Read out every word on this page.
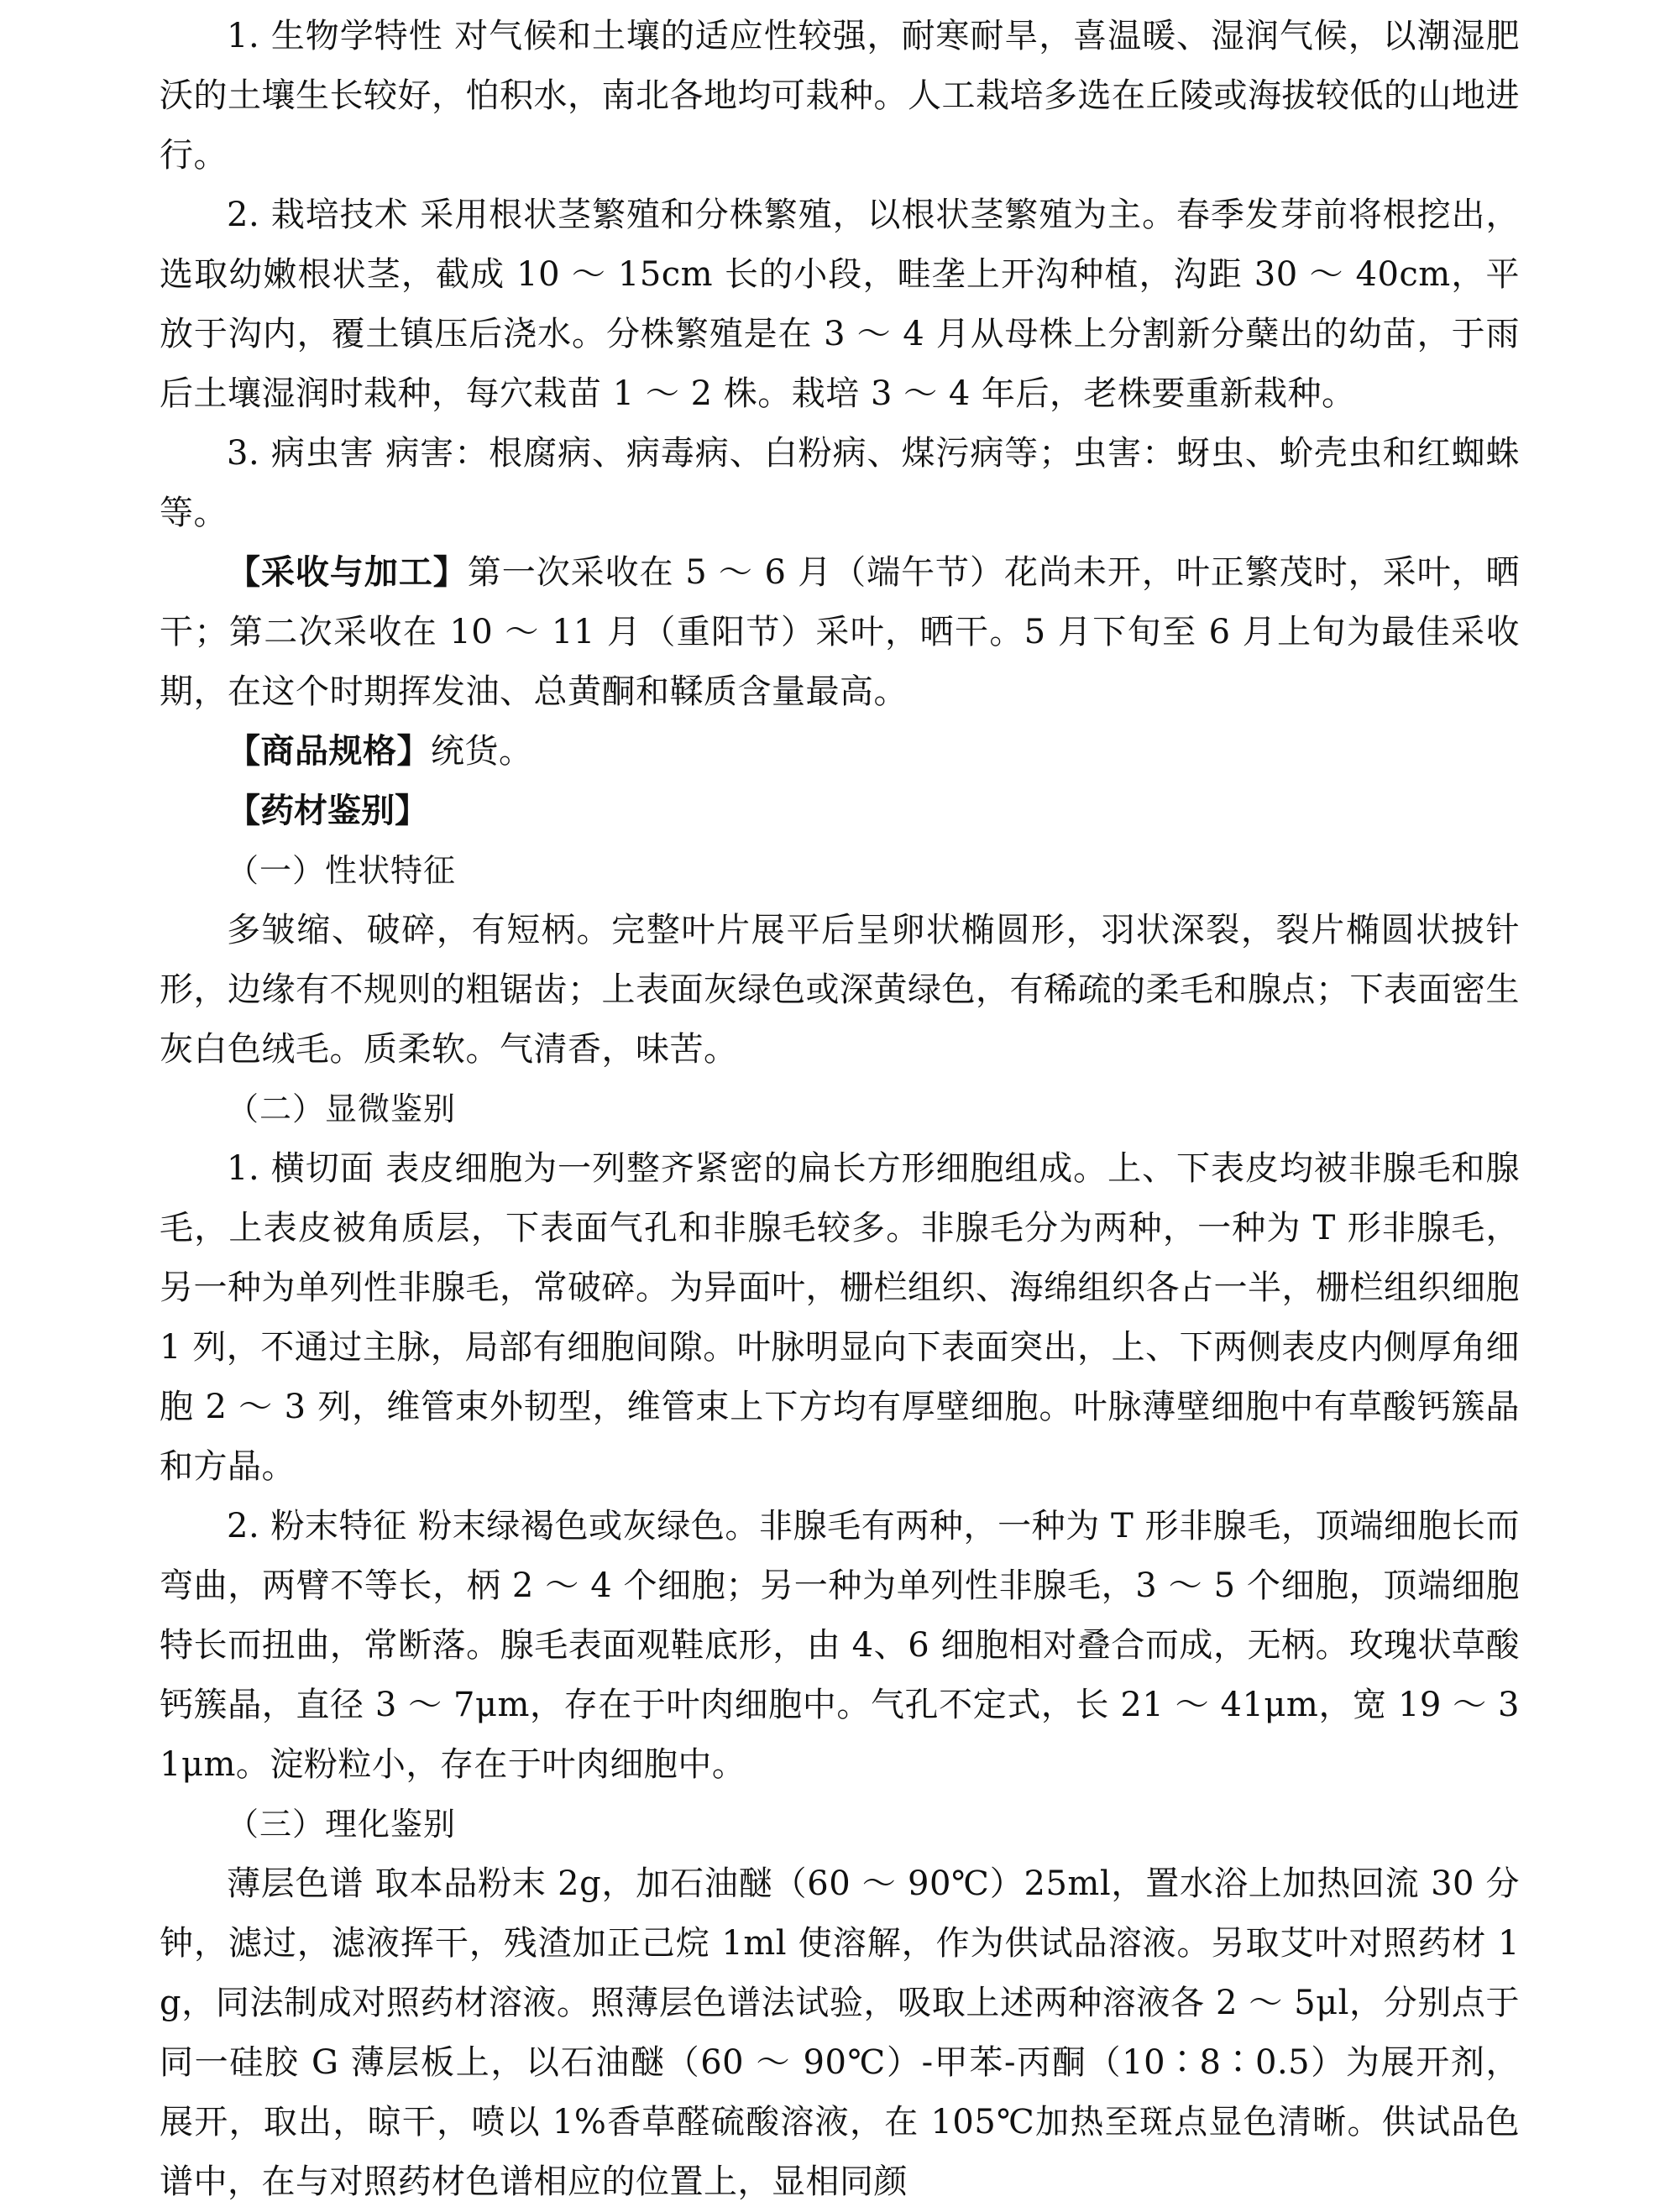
1. 生物学特性 对气候和土壤的适应性较强，耐寒耐旱，喜温暖、湿润气候，以潮湿肥沃的土壤生长较好，怕积水，南北各地均可栽种。人工栽培多选在丘陵或海拔较低的山地进行。

2. 栽培技术 采用根状茎繁殖和分株繁殖，以根状茎繁殖为主。春季发芽前将根挖出，选取幼嫩根状茎，截成 10 ～ 15cm 长的小段，畦垄上开沟种植，沟距 30 ～ 40cm，平放于沟内，覆土镇压后浇水。分株繁殖是在 3 ～ 4 月从母株上分割新分蘖出的幼苗，于雨后土壤湿润时栽种，每穴栽苗 1 ～ 2 株。栽培 3 ～ 4 年后，老株要重新栽种。

3. 病虫害 病害：根腐病、病毒病、白粉病、煤污病等；虫害：蚜虫、蚧壳虫和红蜘蛛等。

【采收与加工】第一次采收在 5 ～ 6 月（端午节）花尚未开，叶正繁茂时，采叶，晒干；第二次采收在 10 ～ 11 月（重阳节）采叶，晒干。5 月下旬至 6 月上旬为最佳采收期，在这个时期挥发油、总黄酮和鞣质含量最高。

【商品规格】统货。

【药材鉴别】

（一）性状特征

多皱缩、破碎，有短柄。完整叶片展平后呈卵状椭圆形，羽状深裂，裂片椭圆状披针形，边缘有不规则的粗锯齿；上表面灰绿色或深黄绿色，有稀疏的柔毛和腺点；下表面密生灰白色绒毛。质柔软。气清香，味苦。

（二）显微鉴别

1. 横切面 表皮细胞为一列整齐紧密的扁长方形细胞组成。上、下表皮均被非腺毛和腺毛，上表皮被角质层，下表面气孔和非腺毛较多。非腺毛分为两种，一种为 T 形非腺毛，另一种为单列性非腺毛，常破碎。为异面叶，栅栏组织、海绵组织各占一半，栅栏组织细胞 1 列，不通过主脉，局部有细胞间隙。叶脉明显向下表面突出，上、下两侧表皮内侧厚角细胞 2 ～ 3 列，维管束外韧型，维管束上下方均有厚壁细胞。叶脉薄壁细胞中有草酸钙簇晶和方晶。

2. 粉末特征 粉末绿褐色或灰绿色。非腺毛有两种，一种为 T 形非腺毛，顶端细胞长而弯曲，两臂不等长，柄 2 ～ 4 个细胞；另一种为单列性非腺毛，3 ～ 5 个细胞，顶端细胞特长而扭曲，常断落。腺毛表面观鞋底形，由 4、6 细胞相对叠合而成，无柄。玫瑰状草酸钙簇晶，直径 3 ～ 7μm，存在于叶肉细胞中。气孔不定式，长 21 ～ 41μm，宽 19 ～ 31μm。淀粉粒小，存在于叶肉细胞中。

（三）理化鉴别

薄层色谱 取本品粉末 2g，加石油醚（60 ～ 90℃）25ml，置水浴上加热回流 30 分钟，滤过，滤液挥干，残渣加正己烷 1ml 使溶解，作为供试品溶液。另取艾叶对照药材 1g，同法制成对照药材溶液。照薄层色谱法试验，吸取上述两种溶液各 2 ～ 5μl，分别点于同一硅胶 G 薄层板上，以石油醚（60 ～ 90℃）-甲苯-丙酮（10∶8∶0.5）为展开剂，展开，取出，晾干，喷以 1%香草醛硫酸溶液，在 105℃加热至斑点显色清晰。供试品色谱中，在与对照药材色谱相应的位置上，显相同颜
